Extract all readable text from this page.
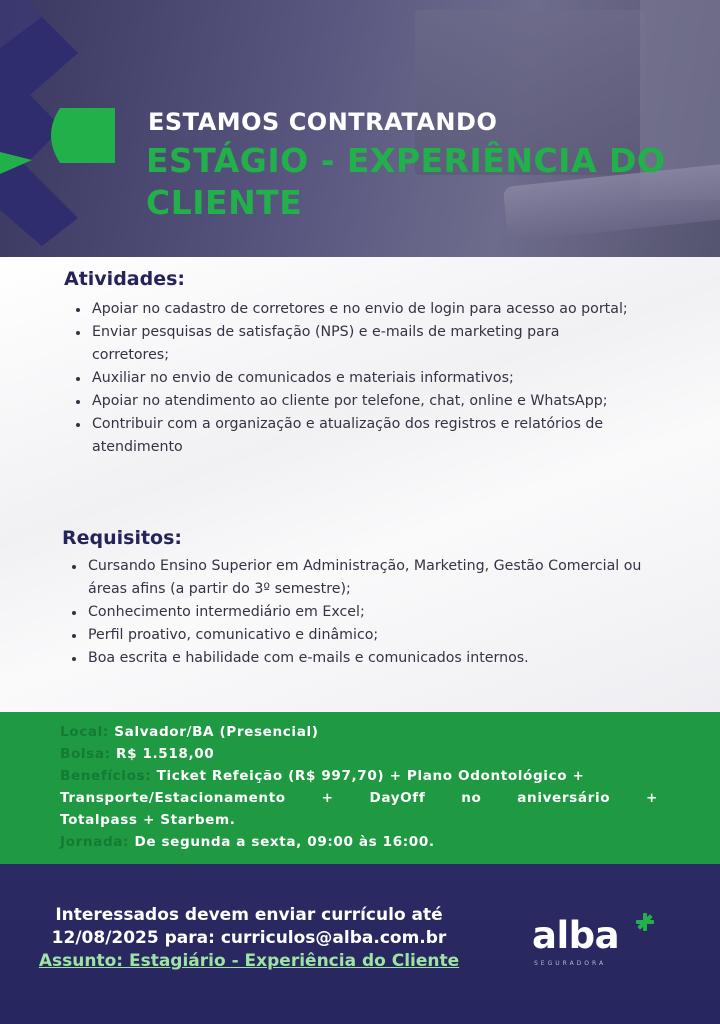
ESTAMOS CONTRATANDO
ESTÁGIO - EXPERIÊNCIA DO CLIENTE
Atividades:
Apoiar no cadastro de corretores e no envio de login para acesso ao portal;
Enviar pesquisas de satisfação (NPS) e e-mails de marketing para corretores;
Auxiliar no envio de comunicados e materiais informativos;
Apoiar no atendimento ao cliente por telefone, chat, online e WhatsApp;
Contribuir com a organização e atualização dos registros e relatórios de atendimento
Requisitos:
Cursando Ensino Superior em Administração, Marketing, Gestão Comercial ou áreas afins (a partir do 3º semestre);
Conhecimento intermediário em Excel;
Perfil proativo, comunicativo e dinâmico;
Boa escrita e habilidade com e-mails e comunicados internos.
Local: Salvador/BA (Presencial)
Bolsa: R$ 1.518,00
Benefícios: Ticket Refeição (R$ 997,70) + Plano Odontológico +
Transporte/Estacionamento + DayOff no aniversário +
Totalpass + Starbem.
Jornada: De segunda a sexta, 09:00 às 16:00.
Interessados devem enviar currículo até
12/08/2025 para: curriculos@alba.com.br
Assunto: Estagiário - Experiência do Cliente
alba
SEGURADORA
